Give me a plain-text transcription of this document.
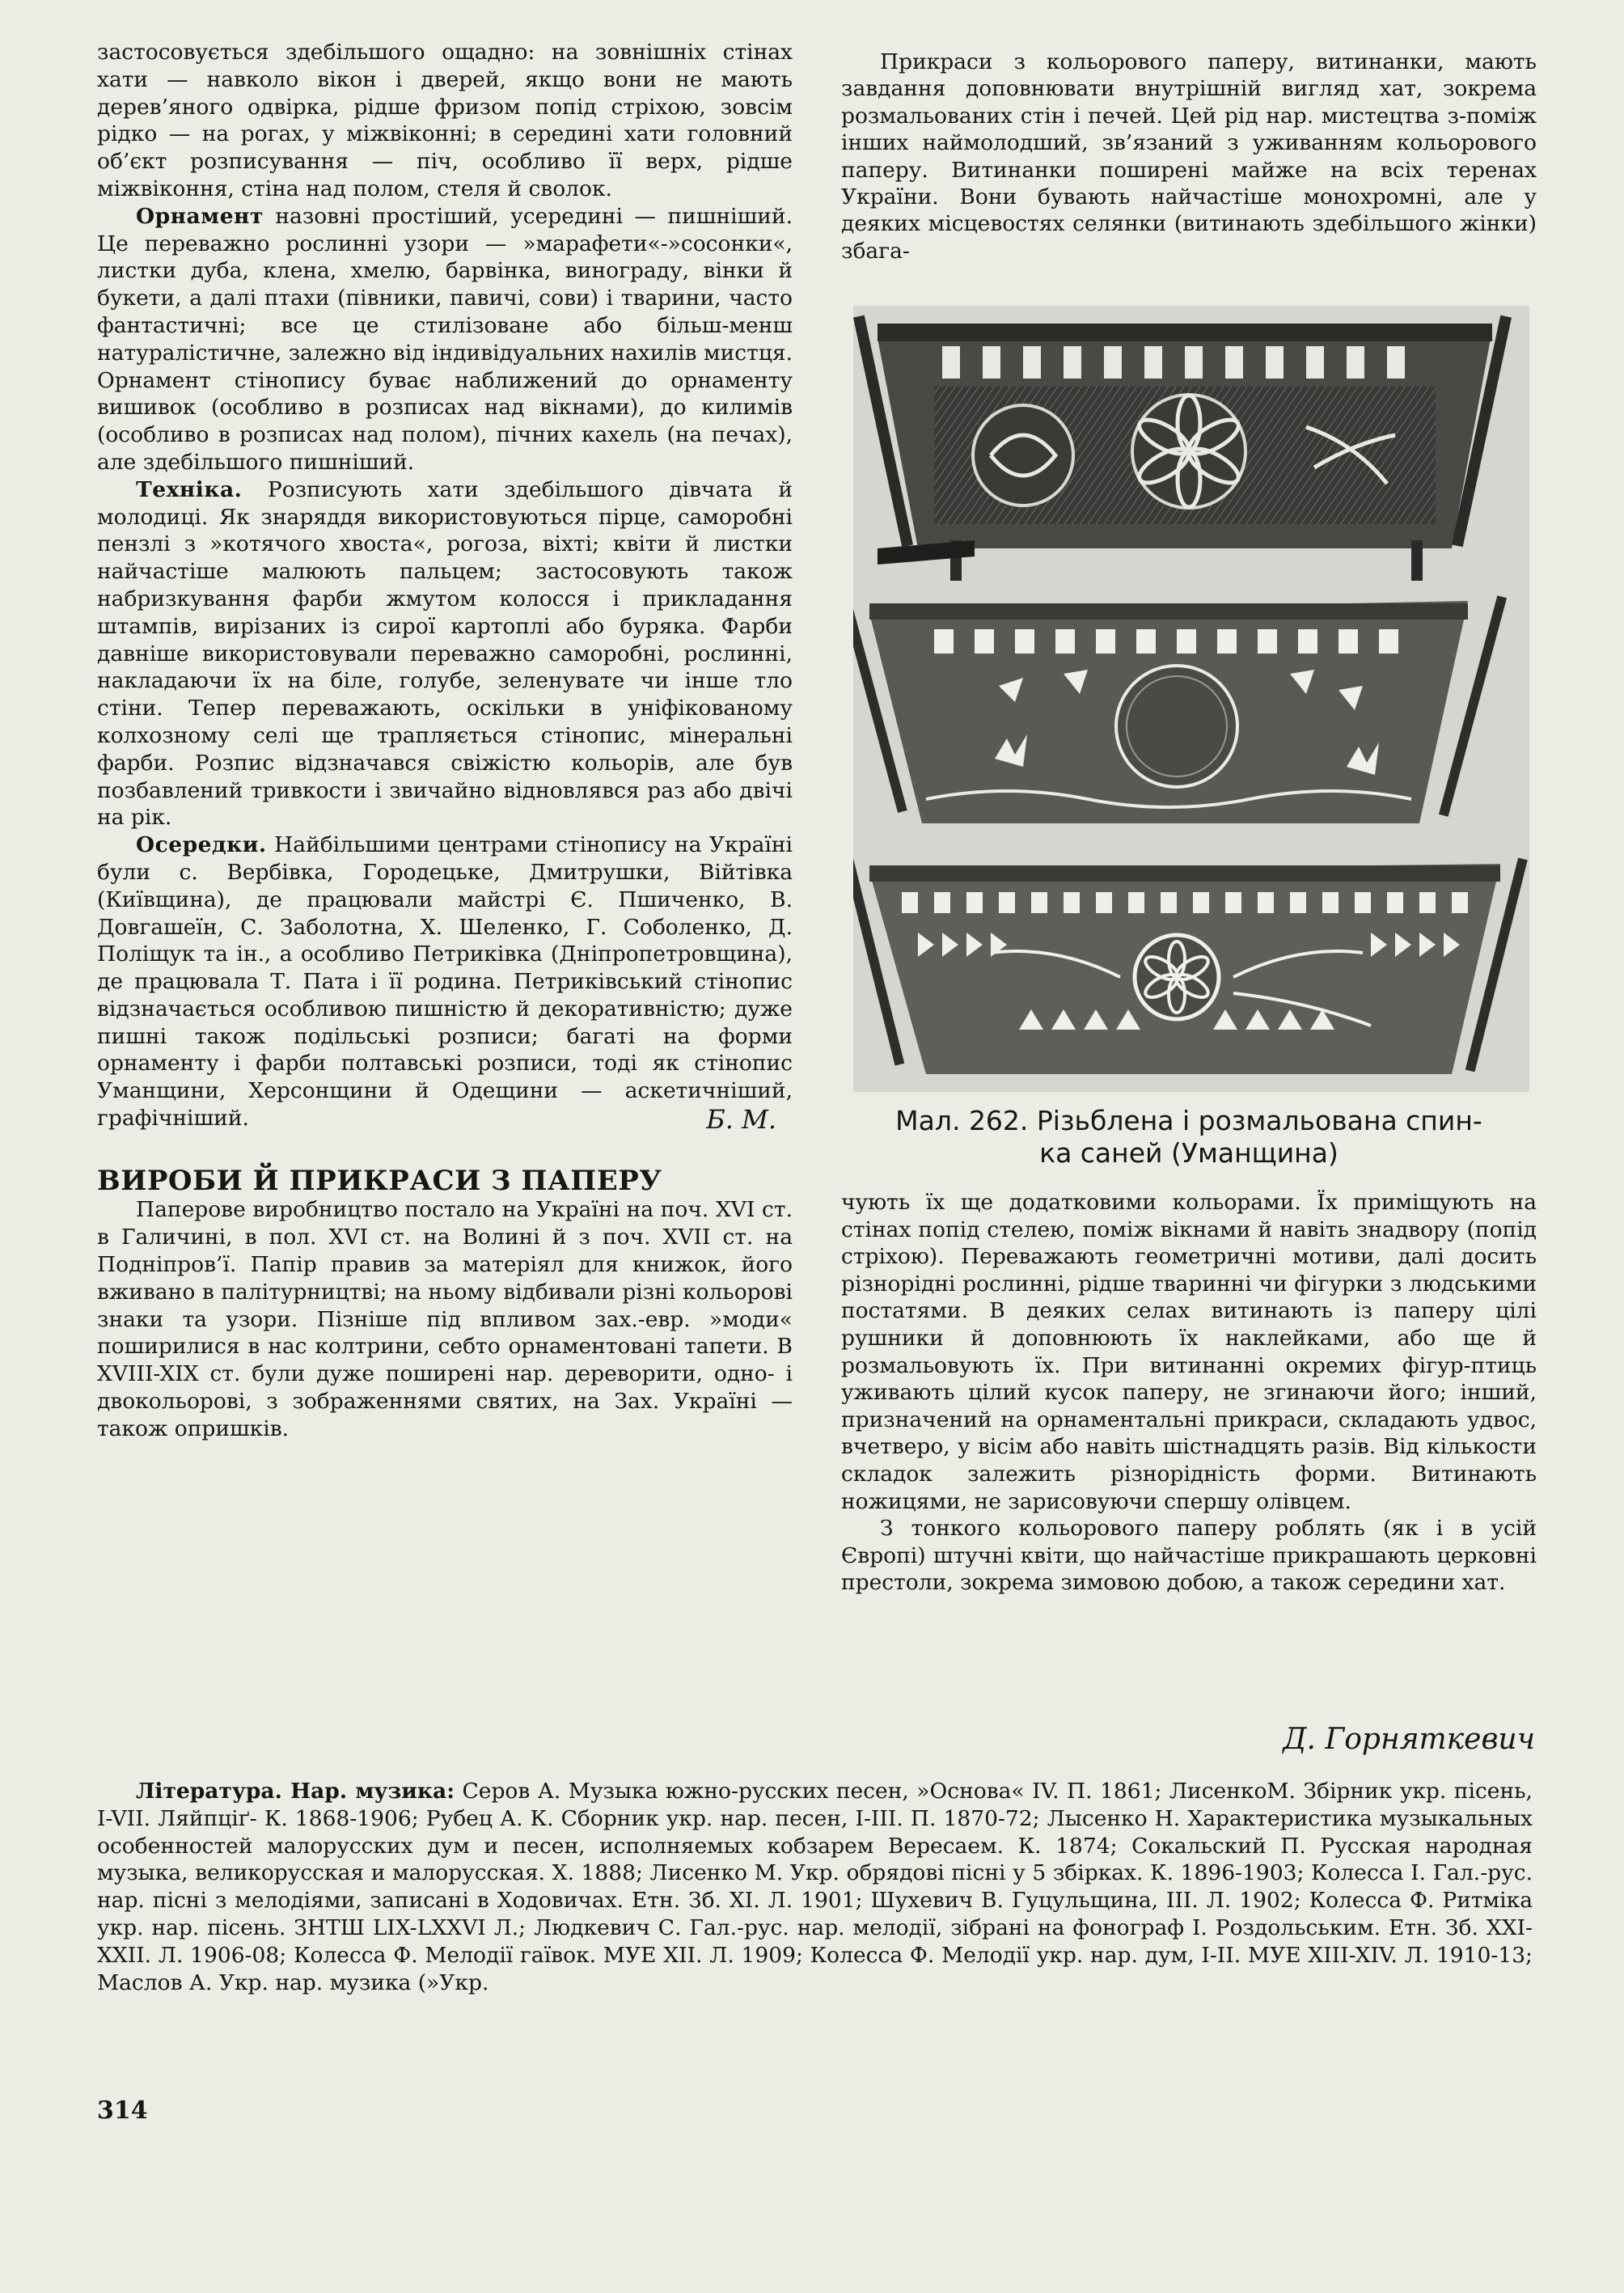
застосовується здебільшого ощадно: на зовнішніх стінах хати — навколо вікон і дверей, якщо вони не мають дерев’яного одвірка, рідше фризом попід стріхою, зовсім рідко — на рогах, у міжвіконні; в середині хати головний об’єкт розписування — піч, особливо її верх, рідше міжвіконня, стіна над полом, стеля й сволок.

Орнамент назовні простіший, усередині — пишніший. Це переважно рослинні узори — »марафети«-»сосонки«, листки дуба, клена, хмелю, барвінка, винограду, вінки й букети, а далі птахи (півники, павичі, сови) і тварини, часто фантастичні; все це стилізоване або більш-менш натуралістичне, залежно від індивідуальних нахилів мистця. Орнамент стінопису буває наближений до орнаменту вишивок (особливо в розписах над вікнами), до килимів (особливо в розписах над полом), пічних кахель (на печах), але здебільшого пишніший.

Техніка. Розписують хати здебільшого дівчата й молодиці. Як знаряддя використовуються пірце, саморобні пензлі з »котячого хвоста«, рогоза, віхті; квіти й листки найчастіше малюють пальцем; застосовують також набризкування фарби жмутом колосся і прикладання штампів, вирізаних із сирої картоплі або буряка. Фарби давніше використовували переважно саморобні, рослинні, накладаючи їх на біле, голубе, зеленувате чи інше тло стіни. Тепер переважають, оскільки в уніфікованому колхозному селі ще трапляється стінопис, мінеральні фарби. Розпис відзначався свіжістю кольорів, але був позбавлений тривкости і звичайно відновлявся раз або двічі на рік.

Осередки. Найбільшими центрами стінопису на Україні були с. Вербівка, Городецьке, Дмитрушки, Війтівка (Київщина), де працювали майстрі Є. Пшиченко, В. Довгашеїн, С. Заболотна, Х. Шеленко, Г. Соболенко, Д. Поліщук та ін., а особливо Петриківка (Дніпропетровщина), де працювала Т. Пата і її родина. Петриківський стінопис відзначається особливою пишністю й декоративністю; дуже пишні також подільські розписи; багаті на форми орнаменту і фарби полтавські розписи, тоді як стінопис Уманщини, Херсонщини й Одещини — аскетичніший, графічніший.	Б. М.
ВИРОБИ Й ПРИКРАСИ З ПАПЕРУ

Паперове виробництво постало на Україні на поч. XVI ст. в Галичині, в пол. XVI ст. на Волині й з поч. XVII ст. на Подніпров’ї. Папір правив за матеріял для книжок, його вживано в палітурництві; на ньому відбивали різні кольорові знаки та узори. Пізніше під впливом зах.-евр. »моди« поширилися в нас колтрини, себто орнаментовані тапети. В XVIII-XIX ст. були дуже поширені нар. дереворити, одно- і двокольорові, з зображеннями святих, на Зах. Україні — також опришків.

Прикраси з кольорового паперу, витинанки, мають завдання доповнювати внутрішній вигляд хат, зокрема розмальованих стін і печей. Цей рід нар. мистецтва з-поміж інших наймолодший, зв’язаний з уживанням кольорового паперу. Витинанки поширені майже на всіх теренах України. Вони бувають найчастіше монохромні, але у деяких місцевостях селянки (витинають здебільшого жінки) збага-

Мал. 262. Різьблена і розмальована спин-
ка саней (Уманщина)

чують їх ще додатковими кольорами. Їх приміщують на стінах попід стелею, поміж вікнами й навіть знадвору (попід стріхою). Переважають геометричні мотиви, далі досить різнорідні рослинні, рідше тваринні чи фігурки з людськими постатями. В деяких селах витинають із паперу цілі рушники й доповнюють їх наклейками, або ще й розмальовують їх. При витинанні окремих фігур-птиць уживають цілий кусок паперу, не згинаючи його; інший, призначений на орнаментальні прикраси, складають удвос, вчетверо, у вісім або навіть шістнадцять разів. Від кількости складок залежить різнорідність форми. Витинають ножицями, не зарисовуючи спершу олівцем.

З тонкого кольорового паперу роблять (як і в усій Європі) штучні квіти, що найчастіше прикрашають церковні престоли, зокрема зимовою добою, а також середини хат.

Д. Горняткевич
Література. Нар. музика: Серов А. Музыка южно-русских песен, »Основа« IV. П. 1861; ЛисенкоМ. Збірник укр. пісень, I-VII. Ляйпціґ- К. 1868-1906; Рубец А. К. Сборник укр. нар. песен, I-III. П. 1870-72; Лысенко Н. Характеристика музыкальных особенностей малорусских дум и песен, исполняемых кобзарем Вересаем. К. 1874; Сокальский П. Русская народная музыка, великорусская и малорусская. Х. 1888; Лисенко М. Укр. обрядові пісні у 5 збірках. К. 1896-1903; Колесса І. Гал.-рус. нар. пісні з мелодіями, записані в Ходовичах. Етн. Зб. XI. Л. 1901; Шухевич В. Гуцульщина, III. Л. 1902; Колесса Ф. Ритміка укр. нар. пісень. ЗНТШ LIX-LXXVI Л.; Людкевич С. Гал.-рус. нар. мелодії, зібрані на фонограф І. Роздольським. Етн. Зб. XXI-XXII. Л. 1906-08; Колесса Ф. Мелодії гаївок. МУЕ XII. Л. 1909; Колесса Ф. Мелодії укр. нар. дум, I-II. МУЕ XIII-XIV. Л. 1910-13; Маслов А. Укр. нар. музика (»Укр.
314
